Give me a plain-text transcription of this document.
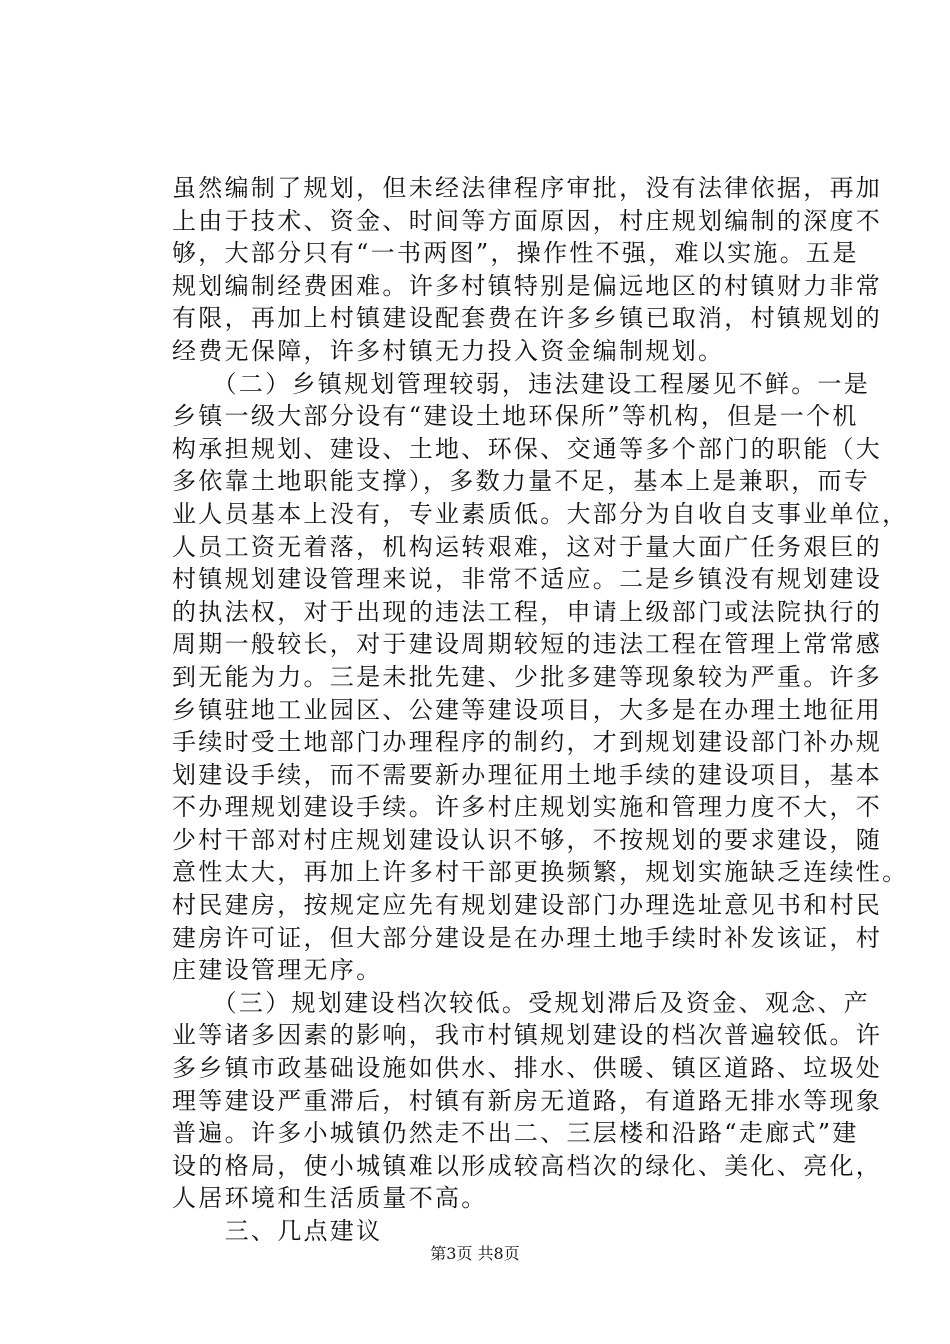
虽然编制了规划，但未经法律程序审批，没有法律依据，再加
上由于技术、资金、时间等方面原因，村庄规划编制的深度不
够，大部分只有“一书两图”，操作性不强，难以实施。五是
规划编制经费困难。许多村镇特别是偏远地区的村镇财力非常
有限，再加上村镇建设配套费在许多乡镇已取消，村镇规划的
经费无保障，许多村镇无力投入资金编制规划。
　　（二）乡镇规划管理较弱，违法建设工程屡见不鲜。一是
乡镇一级大部分设有“建设土地环保所”等机构，但是一个机
构承担规划、建设、土地、环保、交通等多个部门的职能（大
多依靠土地职能支撑），多数力量不足，基本上是兼职，而专
业人员基本上没有，专业素质低。大部分为自收自支事业单位，
人员工资无着落，机构运转艰难，这对于量大面广任务艰巨的
村镇规划建设管理来说，非常不适应。二是乡镇没有规划建设
的执法权，对于出现的违法工程，申请上级部门或法院执行的
周期一般较长，对于建设周期较短的违法工程在管理上常常感
到无能为力。三是未批先建、少批多建等现象较为严重。许多
乡镇驻地工业园区、公建等建设项目，大多是在办理土地征用
手续时受土地部门办理程序的制约，才到规划建设部门补办规
划建设手续，而不需要新办理征用土地手续的建设项目，基本
不办理规划建设手续。许多村庄规划实施和管理力度不大，不
少村干部对村庄规划建设认识不够，不按规划的要求建设，随
意性太大，再加上许多村干部更换频繁，规划实施缺乏连续性。
村民建房，按规定应先有规划建设部门办理选址意见书和村民
建房许可证，但大部分建设是在办理土地手续时补发该证，村
庄建设管理无序。
　　（三）规划建设档次较低。受规划滞后及资金、观念、产
业等诸多因素的影响，我市村镇规划建设的档次普遍较低。许
多乡镇市政基础设施如供水、排水、供暖、镇区道路、垃圾处
理等建设严重滞后，村镇有新房无道路，有道路无排水等现象
普遍。许多小城镇仍然走不出二、三层楼和沿路“走廊式”建
设的格局，使小城镇难以形成较高档次的绿化、美化、亮化，
人居环境和生活质量不高。
　　三、几点建议
第3页 共8页
